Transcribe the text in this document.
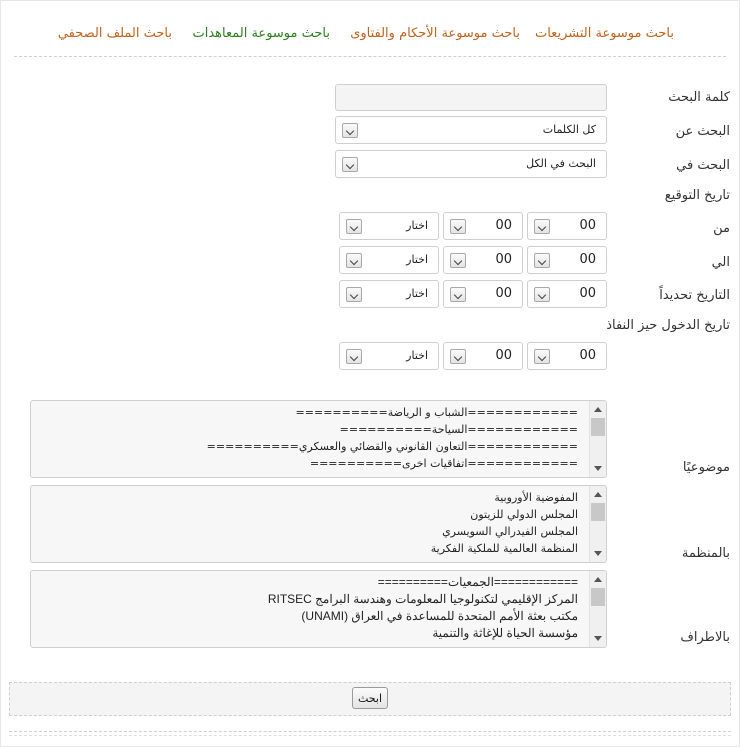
باحث موسوعة التشريعات
باحث موسوعة الأحكام والفتاوى
باحث موسوعة المعاهدات
باحث الملف الصحفي
كلمة البحث
البحث عن
كل الكلمات
البحث في
البحث في الكل
تاريخ التوقيع
من
00
00
اختار
الي
00
00
اختار
التاريخ تحديداً
00
00
اختار
تاريخ الدخول حيز النفاذ
00
00
اختار
موضوعيًا
============الشباب و الرياضة==========
============السياحة==========
============التعاون القانوني والقضائي والعسكري==========
============اتفاقيات اخرى==========
بالمنظمة
المفوضية الأوروبية
المجلس الدولي للزيتون
المجلس الفيدرالي السويسري
المنظمة العالمية للملكية الفكرية
بالاطراف
============الجمعيات==========
المركز الإقليمي لتكنولوجيا المعلومات وهندسة البرامج RITSEC
مكتب بعثة الأمم المتحدة للمساعدة في العراق (UNAMI)
مؤسسة الحياة للإغاثة والتنمية
ابحث
